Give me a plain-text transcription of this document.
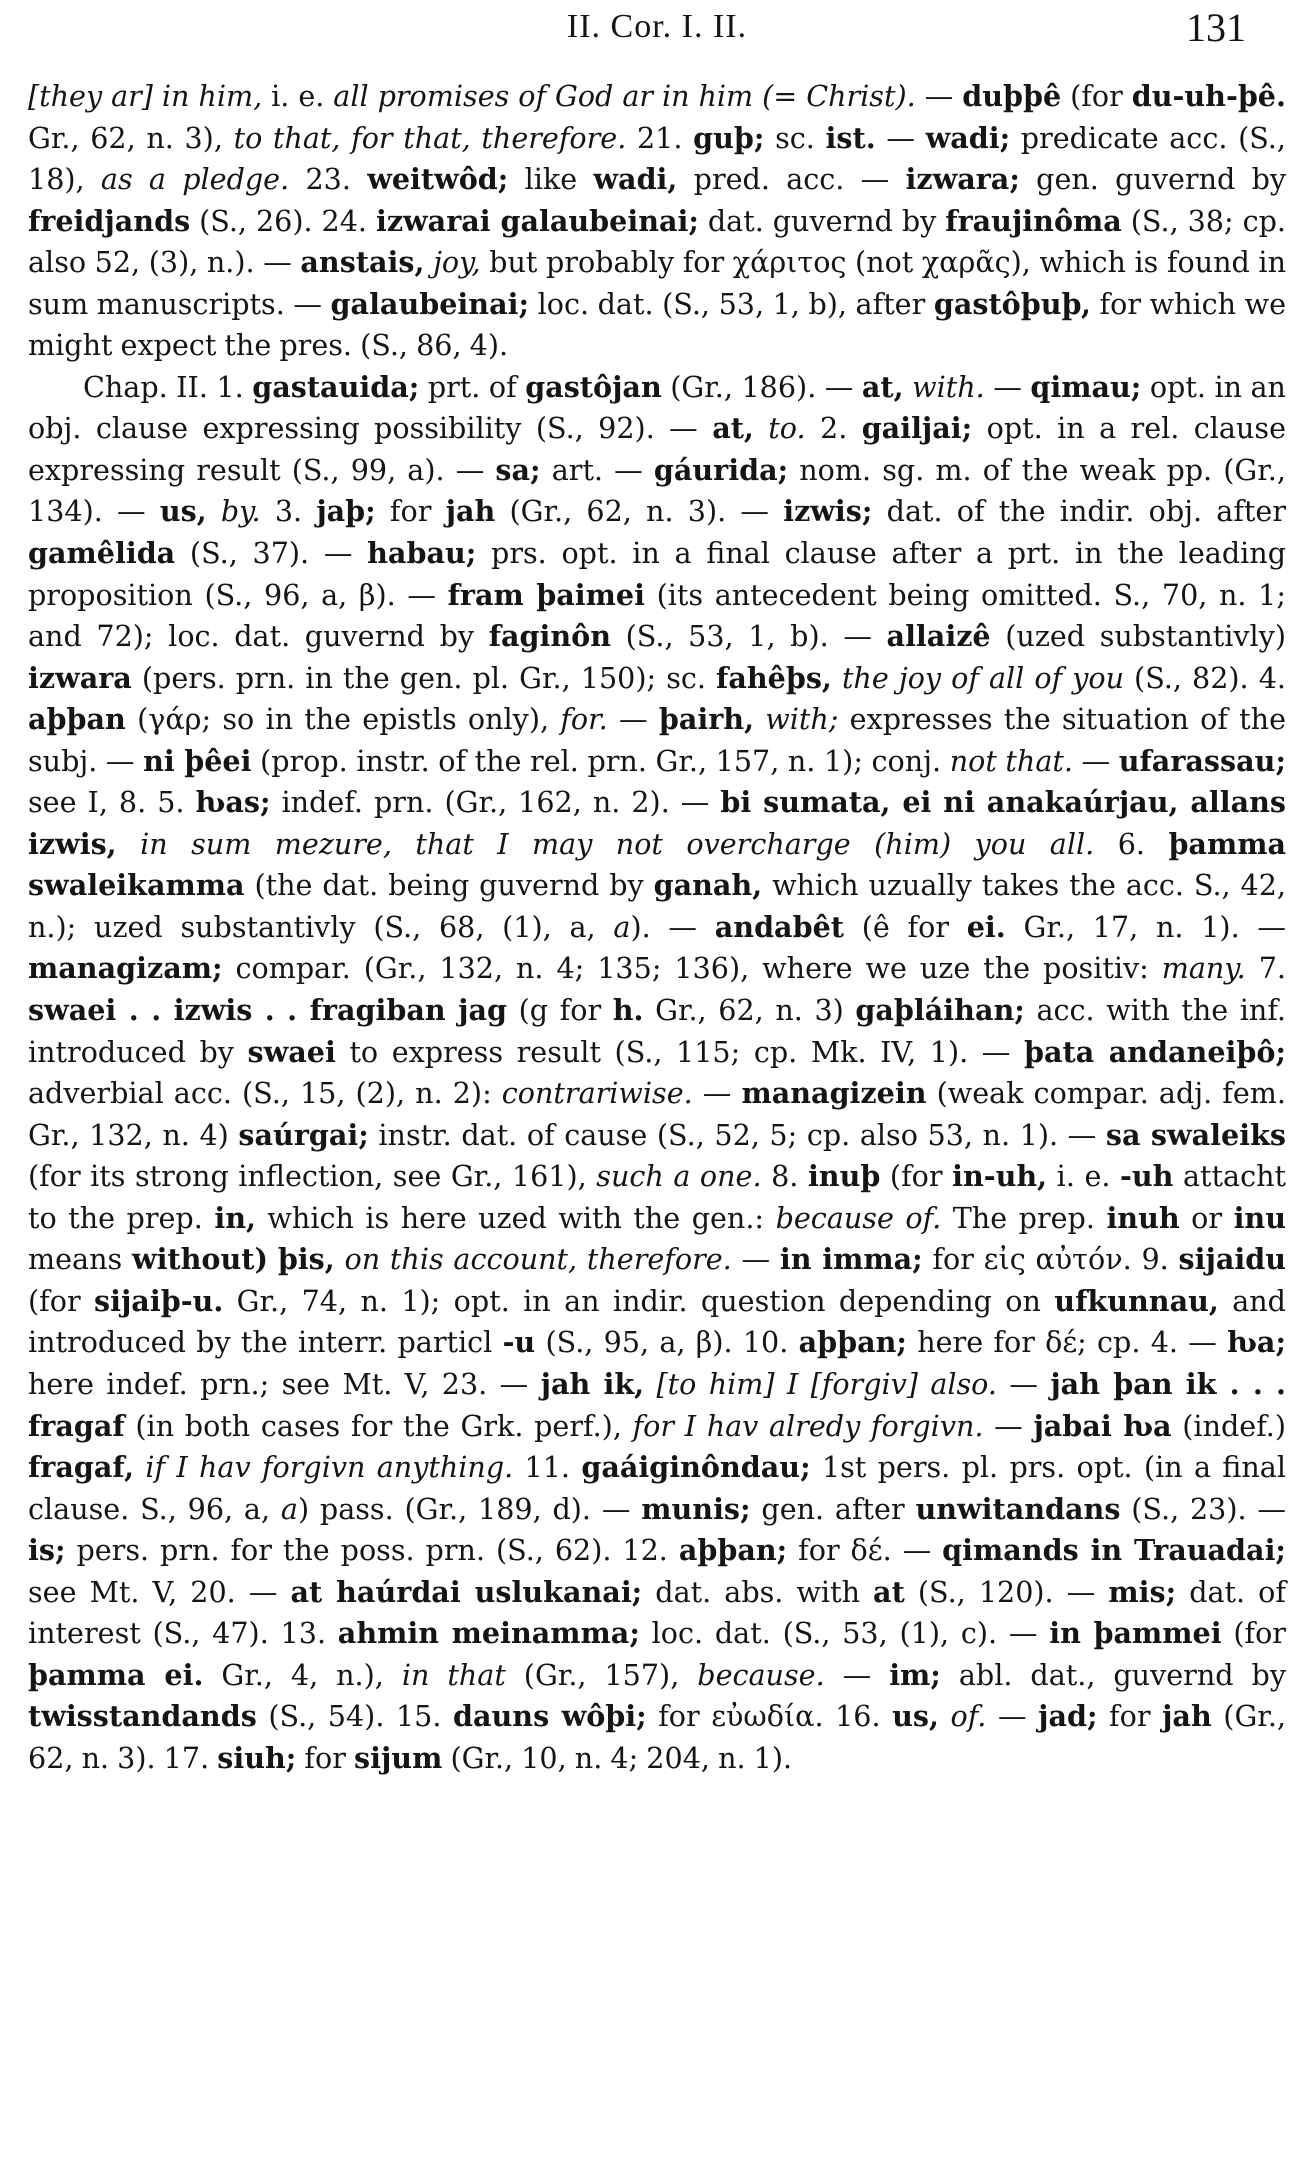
II. Cor. I. II.	131

[they ar] in him, i. e. all promises of God ar in him (= Christ). — duþþê (for du-uh-þê. Gr., 62, n. 3), to that, for that, therefore. 21. guþ; sc. ist. — wadi; predicate acc. (S., 18), as a pledge. 23. weitwôd; like wadi, pred. acc. — izwara; gen. guvernd by freidjands (S., 26). 24. izwarai galaubeinai; dat. guvernd by fraujinôma (S., 38; cp. also 52, (3), n.). — anstais, joy, but probably for χάριτος (not χαρᾶς), which is found in sum manuscripts. — galaubeinai; loc. dat. (S., 53, 1, b), after gastôþuþ, for which we might expect the pres. (S., 86, 4).

Chap. II. 1. gastauida; prt. of gastôjan (Gr., 186). — at, with. — qimau; opt. in an obj. clause expressing possibility (S., 92). — at, to. 2. gailjai; opt. in a rel. clause expressing result (S., 99, a). — sa; art. — gáurida; nom. sg. m. of the weak pp. (Gr., 134). — us, by. 3. jaþ; for jah (Gr., 62, n. 3). — izwis; dat. of the indir. obj. after gamêlida (S., 37). — habau; prs. opt. in a final clause after a prt. in the leading proposition (S., 96, a, β). — fram þaimei (its antecedent being omitted. S., 70, n. 1; and 72); loc. dat. guvernd by faginôn (S., 53, 1, b). — allaizê (uzed substantivly) izwara (pers. prn. in the gen. pl. Gr., 150); sc. fahêþs, the joy of all of you (S., 82). 4. aþþan (γάρ; so in the epistls only), for. — þairh, with; expresses the situation of the subj. — ni þêei (prop. instr. of the rel. prn. Gr., 157, n. 1); conj. not that. — ufarassau; see I, 8. 5. ƕas; indef. prn. (Gr., 162, n. 2). — bi sumata, ei ni anakaúrjau, allans izwis, in sum mezure, that I may not overcharge (him) you all. 6. þamma swaleikamma (the dat. being guvernd by ganah, which uzually takes the acc. S., 42, n.); uzed substantivly (S., 68, (1), a, a). — andabêt (ê for ei. Gr., 17, n. 1). — managizam; compar. (Gr., 132, n. 4; 135; 136), where we uze the positiv: many. 7. swaei . . izwis . . fragiban jag (g for h. Gr., 62, n. 3) gaþláihan; acc. with the inf. introduced by swaei to express result (S., 115; cp. Mk. IV, 1). — þata andaneiþô; adverbial acc. (S., 15, (2), n. 2): contrariwise. — managizein (weak compar. adj. fem. Gr., 132, n. 4) saúrgai; instr. dat. of cause (S., 52, 5; cp. also 53, n. 1). — sa swaleiks (for its strong inflection, see Gr., 161), such a one. 8. inuþ (for in-uh, i. e. -uh attacht to the prep. in, which is here uzed with the gen.: because of. The prep. inuh or inu means without) þis, on this account, therefore. — in imma; for εἰς αὐτόν. 9. sijaidu (for sijaiþ-u. Gr., 74, n. 1); opt. in an indir. question depending on ufkunnau, and introduced by the interr. particl -u (S., 95, a, β). 10. aþþan; here for δέ; cp. 4. — ƕa; here indef. prn.; see Mt. V, 23. — jah ik, [to him] I [forgiv] also. — jah þan ik . . . fragaf (in both cases for the Grk. perf.), for I hav alredy forgivn. — jabai ƕa (indef.) fragaf, if I hav forgivn anything. 11. gaáiginôndau; 1st pers. pl. prs. opt. (in a final clause. S., 96, a, a) pass. (Gr., 189, d). — munis; gen. after unwitandans (S., 23). — is; pers. prn. for the poss. prn. (S., 62). 12. aþþan; for δέ. — qimands in Trauadai; see Mt. V, 20. — at haúrdai uslukanai; dat. abs. with at (S., 120). — mis; dat. of interest (S., 47). 13. ahmin meinamma; loc. dat. (S., 53, (1), c). — in þammei (for þamma ei. Gr., 4, n.), in that (Gr., 157), because. — im; abl. dat., guvernd by twisstandands (S., 54). 15. dauns wôþi; for εὐωδία. 16. us, of. — jad; for jah (Gr., 62, n. 3). 17. siuh; for sijum (Gr., 10, n. 4; 204, n. 1).
